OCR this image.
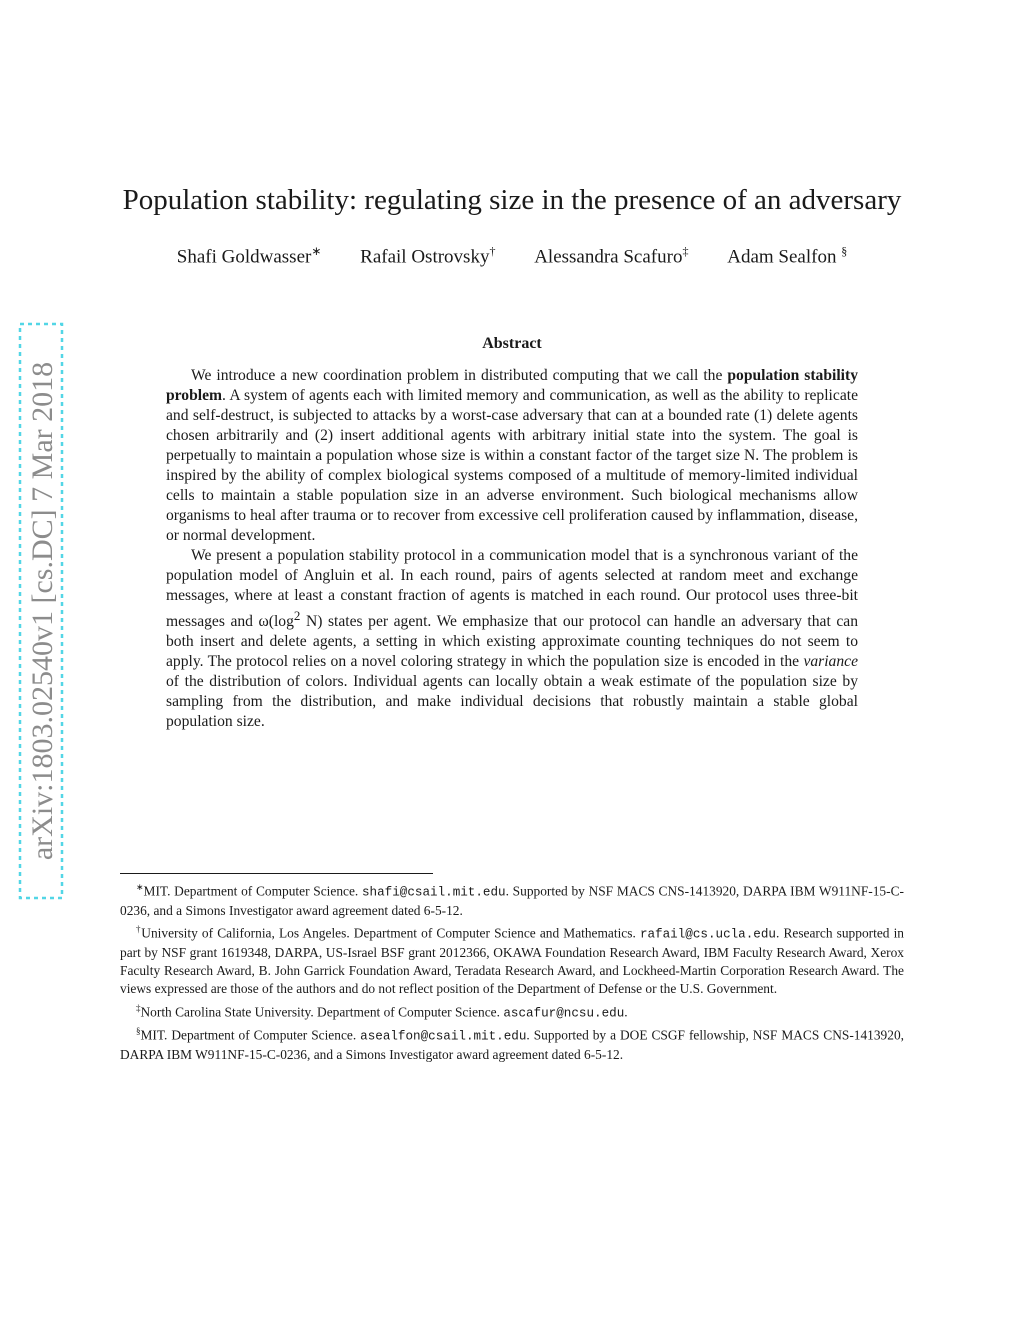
arXiv:1803.02540v1 [cs.DC] 7 Mar 2018
Population stability: regulating size in the presence of an adversary
Shafi Goldwasser∗ Rafail Ostrovsky† Alessandra Scafuro‡ Adam Sealfon §
Abstract

We introduce a new coordination problem in distributed computing that we call the population stability problem. A system of agents each with limited memory and communication, as well as the ability to replicate and self-destruct, is subjected to attacks by a worst-case adversary that can at a bounded rate (1) delete agents chosen arbitrarily and (2) insert additional agents with arbitrary initial state into the system. The goal is perpetually to maintain a population whose size is within a constant factor of the target size N. The problem is inspired by the ability of complex biological systems composed of a multitude of memory-limited individual cells to maintain a stable population size in an adverse environment. Such biological mechanisms allow organisms to heal after trauma or to recover from excessive cell proliferation caused by inflammation, disease, or normal development.

We present a population stability protocol in a communication model that is a synchronous variant of the population model of Angluin et al. In each round, pairs of agents selected at random meet and exchange messages, where at least a constant fraction of agents is matched in each round. Our protocol uses three-bit messages and $\omega(\log^2$ N) states per agent. We emphasize that our protocol can handle an adversary that can both insert and delete agents, a setting in which existing approximate counting techniques do not seem to apply. The protocol relies on a novel coloring strategy in which the population size is encoded in the variance of the distribution of colors. Individual agents can locally obtain a weak estimate of the population size by sampling from the distribution, and make individual decisions that robustly maintain a stable global population size.

∗MIT. Department of Computer Science. shafi@csail.mit.edu. Supported by NSF MACS CNS-1413920, DARPA IBM W911NF-15-C-0236, and a Simons Investigator award agreement dated 6-5-12.

†University of California, Los Angeles. Department of Computer Science and Mathematics. rafail@cs.ucla.edu. Research supported in part by NSF grant 1619348, DARPA, US-Israel BSF grant 2012366, OKAWA Foundation Research Award, IBM Faculty Research Award, Xerox Faculty Research Award, B. John Garrick Foundation Award, Teradata Research Award, and Lockheed-Martin Corporation Research Award. The views expressed are those of the authors and do not reflect position of the Department of Defense or the U.S. Government.

‡North Carolina State University. Department of Computer Science. ascafur@ncsu.edu.

§MIT. Department of Computer Science. asealfon@csail.mit.edu. Supported by a DOE CSGF fellowship, NSF MACS CNS-1413920, DARPA IBM W911NF-15-C-0236, and a Simons Investigator award agreement dated 6-5-12.
